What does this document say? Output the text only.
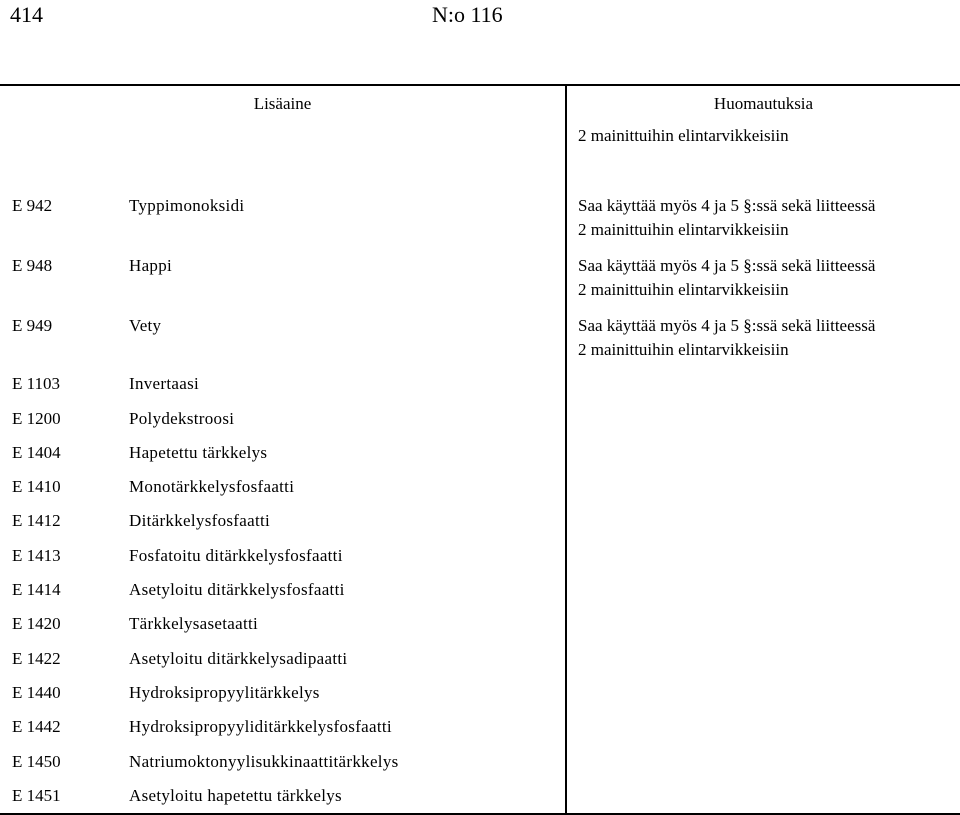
414	N:o 116
Lisäaine	Huomautuksia
2 mainittuihin elintarvikkeisiin
E 942	Typpimonoksidi	Saa käyttää myös 4 ja 5 §:ssä sekä liitteessä
2 mainittuihin elintarvikkeisiin
E 948	Happi	Saa käyttää myös 4 ja 5 §:ssä sekä liitteessä
2 mainittuihin elintarvikkeisiin
E 949	Vety	Saa käyttää myös 4 ja 5 §:ssä sekä liitteessä
2 mainittuihin elintarvikkeisiin
E 1103	Invertaasi
E 1200	Polydekstroosi
E 1404	Hapetettu tärkkelys
E 1410	Monotärkkelysfosfaatti
E 1412	Ditärkkelysfosfaatti
E 1413	Fosfatoitu ditärkkelysfosfaatti
E 1414	Asetyloitu ditärkkelysfosfaatti
E 1420	Tärkkelysasetaatti
E 1422	Asetyloitu ditärkkelysadipaatti
E 1440	Hydroksipropyylitärkkelys
E 1442	Hydroksipropyyliditärkkelysfosfaatti
E 1450	Natriumoktonyylisukkinaattitärkkelys
E 1451	Asetyloitu hapetettu tärkkelys
